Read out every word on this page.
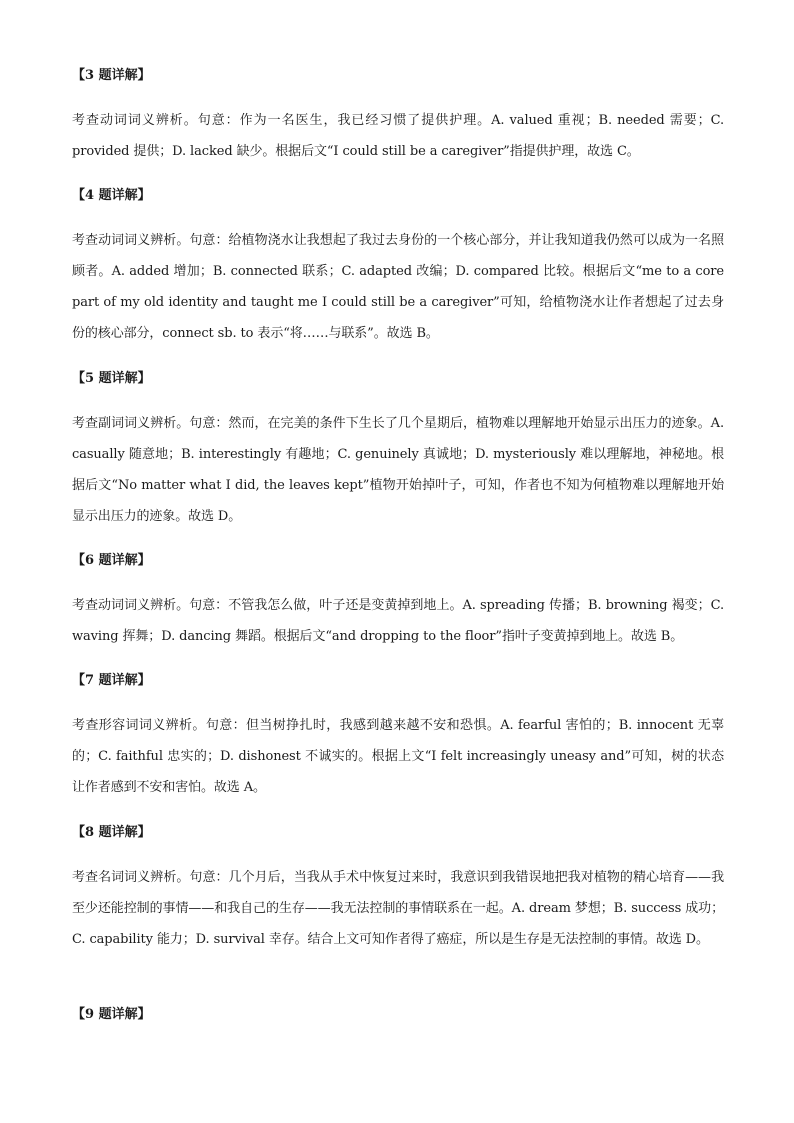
【3 题详解】
考查动词词义辨析。句意：作为一名医生，我已经习惯了提供护理。A. valued 重视；B. needed 需要；C. provided 提供；D. lacked 缺少。根据后文“I could still be a caregiver”指提供护理，故选 C。
【4 题详解】
考查动词词义辨析。句意：给植物浇水让我想起了我过去身份的一个核心部分，并让我知道我仍然可以成为一名照顾者。A. added 增加；B. connected 联系；C. adapted 改编；D. compared 比较。根据后文“me to a core part of my old identity and taught me I could still be a caregiver”可知，给植物浇水让作者想起了过去身份的核心部分，connect sb. to 表示“将……与联系”。故选 B。
【5 题详解】
考查副词词义辨析。句意：然而，在完美的条件下生长了几个星期后，植物难以理解地开始显示出压力的迹象。A. casually 随意地；B. interestingly 有趣地；C. genuinely 真诚地；D. mysteriously 难以理解地，神秘地。根据后文“No matter what I did, the leaves kept”植物开始掉叶子，可知，作者也不知为何植物难以理解地开始显示出压力的迹象。故选 D。
【6 题详解】
考查动词词义辨析。句意：不管我怎么做，叶子还是变黄掉到地上。A. spreading 传播；B. browning 褐变；C. waving 挥舞；D. dancing 舞蹈。根据后文“and dropping to the floor”指叶子变黄掉到地上。故选 B。
【7 题详解】
考查形容词词义辨析。句意：但当树挣扎时，我感到越来越不安和恐惧。A. fearful 害怕的；B. innocent 无辜的；C. faithful 忠实的；D. dishonest 不诚实的。根据上文“I felt increasingly uneasy and”可知，树的状态让作者感到不安和害怕。故选 A。
【8 题详解】
考查名词词义辨析。句意：几个月后，当我从手术中恢复过来时，我意识到我错误地把我对植物的精心培育——我至少还能控制的事情——和我自己的生存——我无法控制的事情联系在一起。A. dream 梦想；B. success 成功；C. capability 能力；D. survival 幸存。结合上文可知作者得了癌症，所以是生存是无法控制的事情。故选 D。
【9 题详解】
